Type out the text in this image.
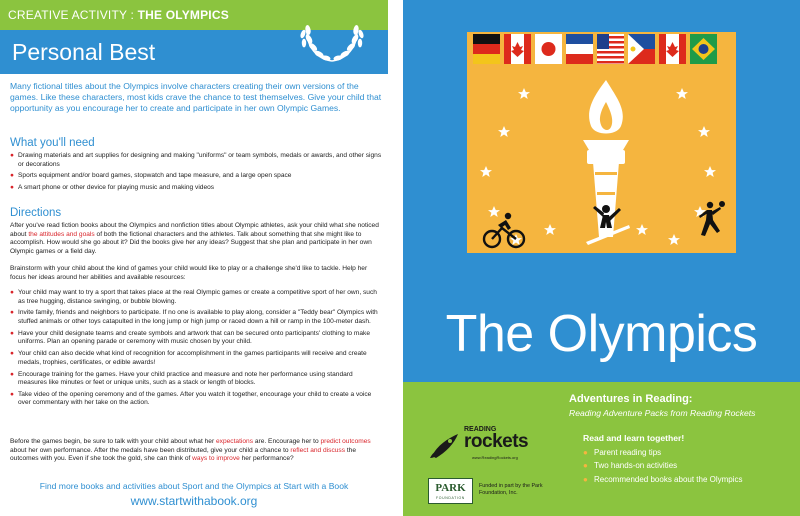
CREATIVE ACTIVITY : THE OLYMPICS
Personal Best

Many fictional titles about the Olympics involve characters creating their own versions of the games. Like these characters, most kids crave the chance to test themselves. Give your child that opportunity as you encourage her to create and participate in her own Olympic Games.

What you'll need
● Drawing materials and art supplies for designing and making "uniforms" or team symbols, medals or awards, and other signs or decorations
● Sports equipment and/or board games, stopwatch and tape measure, and a large open space
● A smart phone or other device for playing music and making videos
Directions

After you've read fiction books about the Olympics and nonfiction titles about Olympic athletes, ask your child what she noticed about the attitudes and goals of both the fictional characters and the athletes. Talk about something that she might like to accomplish. How would she go about it? Did the books give her any ideas? Suggest that she plan and participate in her own Olympic games or a field day.

Brainstorm with your child about the kind of games your child would like to play or a challenge she'd like to tackle. Help her focus her ideas around her abilities and available resources:

● Your child may want to try a sport that takes place at the real Olympic games or create a competitive sport of her own, such as tree hugging, distance swinging, or bubble blowing.
● Invite family, friends and neighbors to participate. If no one is available to play along, consider a "Teddy bear" Olympics with stuffed animals or other toys catapulted in the long jump or high jump or raced down a hill or ramp in the 100-meter dash.
● Have your child designate teams and create symbols and artwork that can be secured onto participants' clothing to make uniforms. Plan an opening parade or ceremony with music chosen by your child.
● Your child can also decide what kind of recognition for accomplishment in the games participants will receive and create medals, trophies, certificates, or edible awards!
● Encourage training for the games. Have your child practice and measure and note her performance using standard measures like minutes or feet or unique units, such as a stack or length of blocks.
● Take video of the opening ceremony and of the games. After you watch it together, encourage your child to create a voice over commentary with her take on the action.

Before the games begin, be sure to talk with your child about what her expectations are. Encourage her to predict outcomes about her own performance. After the medals have been distributed, give your child a chance to reflect and discuss the outcomes with you. Even if she took the gold, she can think of ways to improve her performance?

Find more books and activities about Sport and the Olympics at Start with a Book
www.startwithabook.org
The Olympics
Adventures in Reading:
Reading Adventure Packs from Reading Rockets
READING
rockets
www.ReadingRockets.org
PARK
FOUNDATION
Funded in part by the Park Foundation, Inc.
Read and learn together!
● Parent reading tips
● Two hands-on activities
● Recommended books about the Olympics
